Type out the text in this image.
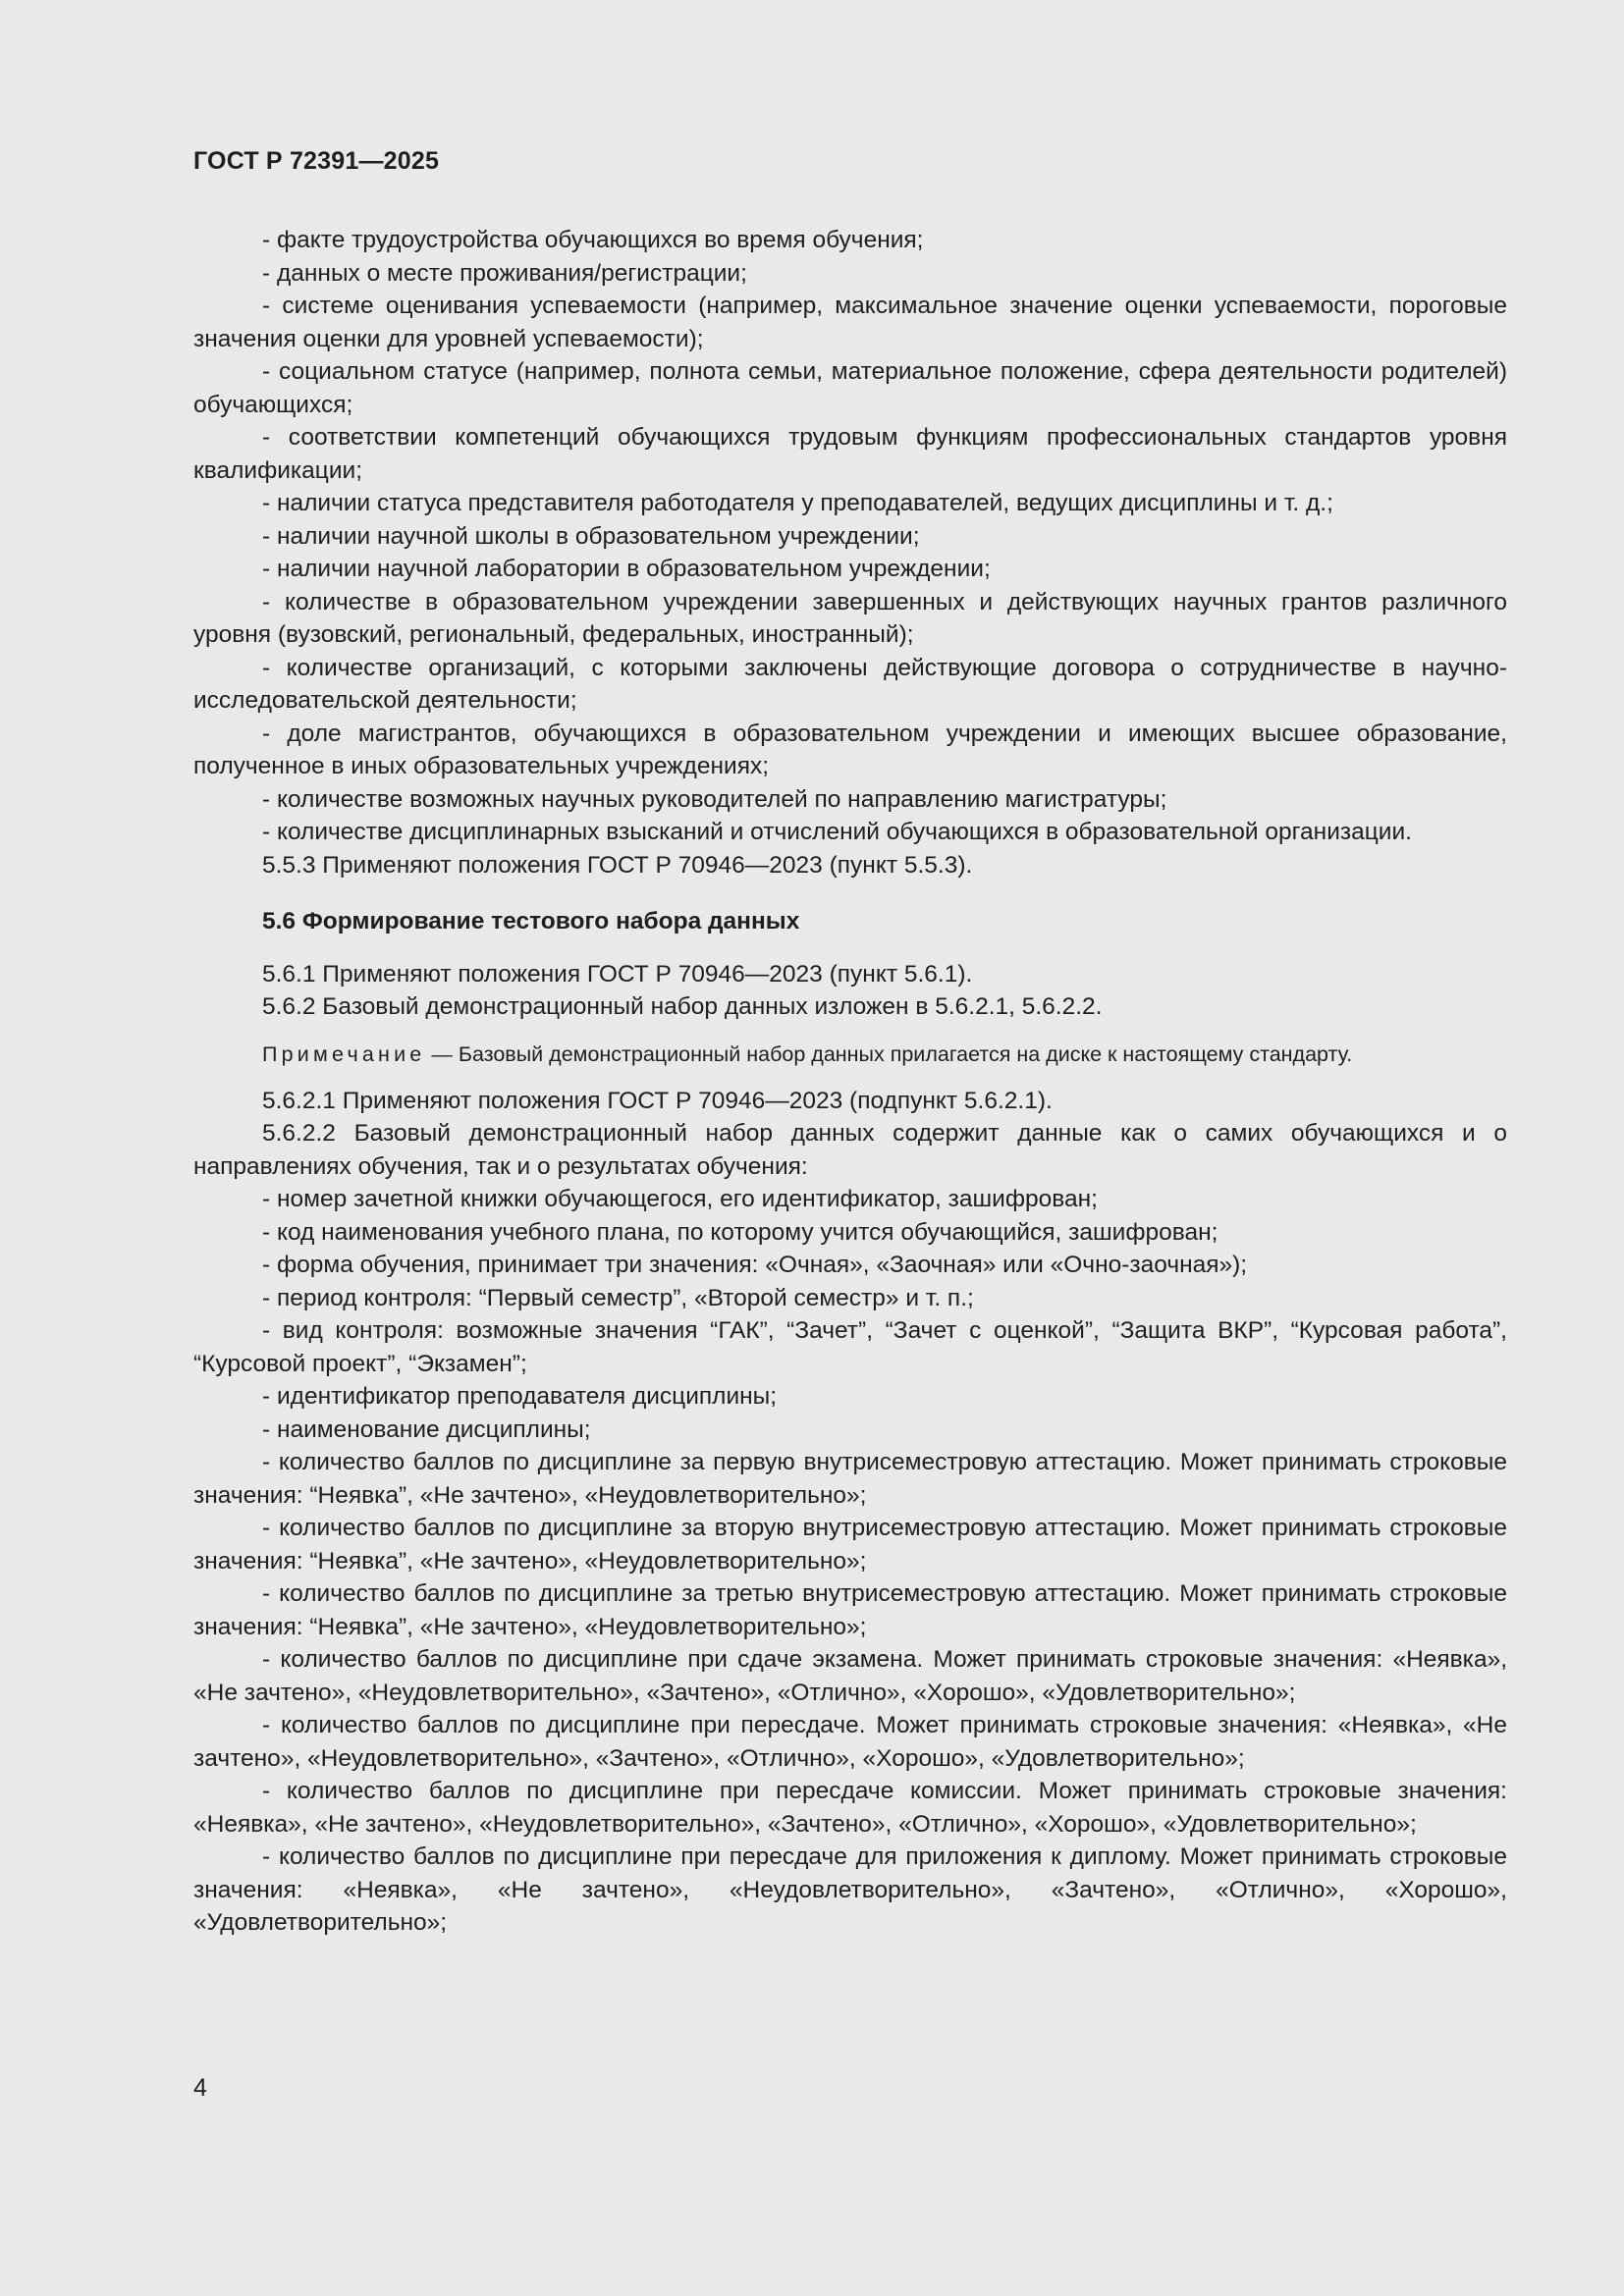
ГОСТ Р 72391—2025

- факте трудоустройства обучающихся во время обучения;

- данных о месте проживания/регистрации;

- системе оценивания успеваемости (например, максимальное значение оценки успеваемости, пороговые значения оценки для уровней успеваемости);

- социальном статусе (например, полнота семьи, материальное положение, сфера деятельности родителей) обучающихся;

- соответствии компетенций обучающихся трудовым функциям профессиональных стандартов уровня квалификации;

- наличии статуса представителя работодателя у преподавателей, ведущих дисциплины и т. д.;

- наличии научной школы в образовательном учреждении;

- наличии научной лаборатории в образовательном учреждении;

- количестве в образовательном учреждении завершенных и действующих научных грантов различного уровня (вузовский, региональный, федеральных, иностранный);

- количестве организаций, с которыми заключены действующие договора о сотрудничестве в научно-исследовательской деятельности;

- доле магистрантов, обучающихся в образовательном учреждении и имеющих высшее образование, полученное в иных образовательных учреждениях;

- количестве возможных научных руководителей по направлению магистратуры;

- количестве дисциплинарных взысканий и отчислений обучающихся в образовательной организации.

5.5.3 Применяют положения ГОСТ Р 70946—2023 (пункт 5.5.3).

5.6 Формирование тестового набора данных

5.6.1 Применяют положения ГОСТ Р 70946—2023 (пункт 5.6.1).

5.6.2 Базовый демонстрационный набор данных изложен в 5.6.2.1, 5.6.2.2.

Примечание — Базовый демонстрационный набор данных прилагается на диске к настоящему стандарту.

5.6.2.1 Применяют положения ГОСТ Р 70946—2023 (подпункт 5.6.2.1).

5.6.2.2 Базовый демонстрационный набор данных содержит данные как о самих обучающихся и о направлениях обучения, так и о результатах обучения:

- номер зачетной книжки обучающегося, его идентификатор, зашифрован;

- код наименования учебного плана, по которому учится обучающийся, зашифрован;

- форма обучения, принимает три значения: «Очная», «Заочная» или «Очно-заочная»);

- период контроля: “Первый семестр”, «Второй семестр» и т. п.;

- вид контроля: возможные значения “ГАК”, “Зачет”, “Зачет с оценкой”, “Защита ВКР”, “Курсовая работа”, “Курсовой проект”, “Экзамен”;

- идентификатор преподавателя дисциплины;

- наименование дисциплины;

- количество баллов по дисциплине за первую внутрисеместровую аттестацию. Может принимать строковые значения: “Неявка”, «Не зачтено», «Неудовлетворительно»;

- количество баллов по дисциплине за вторую внутрисеместровую аттестацию. Может принимать строковые значения: “Неявка”, «Не зачтено», «Неудовлетворительно»;

- количество баллов по дисциплине за третью внутрисеместровую аттестацию. Может принимать строковые значения: “Неявка”, «Не зачтено», «Неудовлетворительно»;

- количество баллов по дисциплине при сдаче экзамена. Может принимать строковые значения: «Неявка», «Не зачтено», «Неудовлетворительно», «Зачтено», «Отлично», «Хорошо», «Удовлетворительно»;

- количество баллов по дисциплине при пересдаче. Может принимать строковые значения: «Неявка», «Не зачтено», «Неудовлетворительно», «Зачтено», «Отлично», «Хорошо», «Удовлетворительно»;

- количество баллов по дисциплине при пересдаче комиссии. Может принимать строковые значения: «Неявка», «Не зачтено», «Неудовлетворительно», «Зачтено», «Отлично», «Хорошо», «Удовлетворительно»;

- количество баллов по дисциплине при пересдаче для приложения к диплому. Может принимать строковые значения: «Неявка», «Не зачтено», «Неудовлетворительно», «Зачтено», «Отлично», «Хорошо», «Удовлетворительно»;

4
